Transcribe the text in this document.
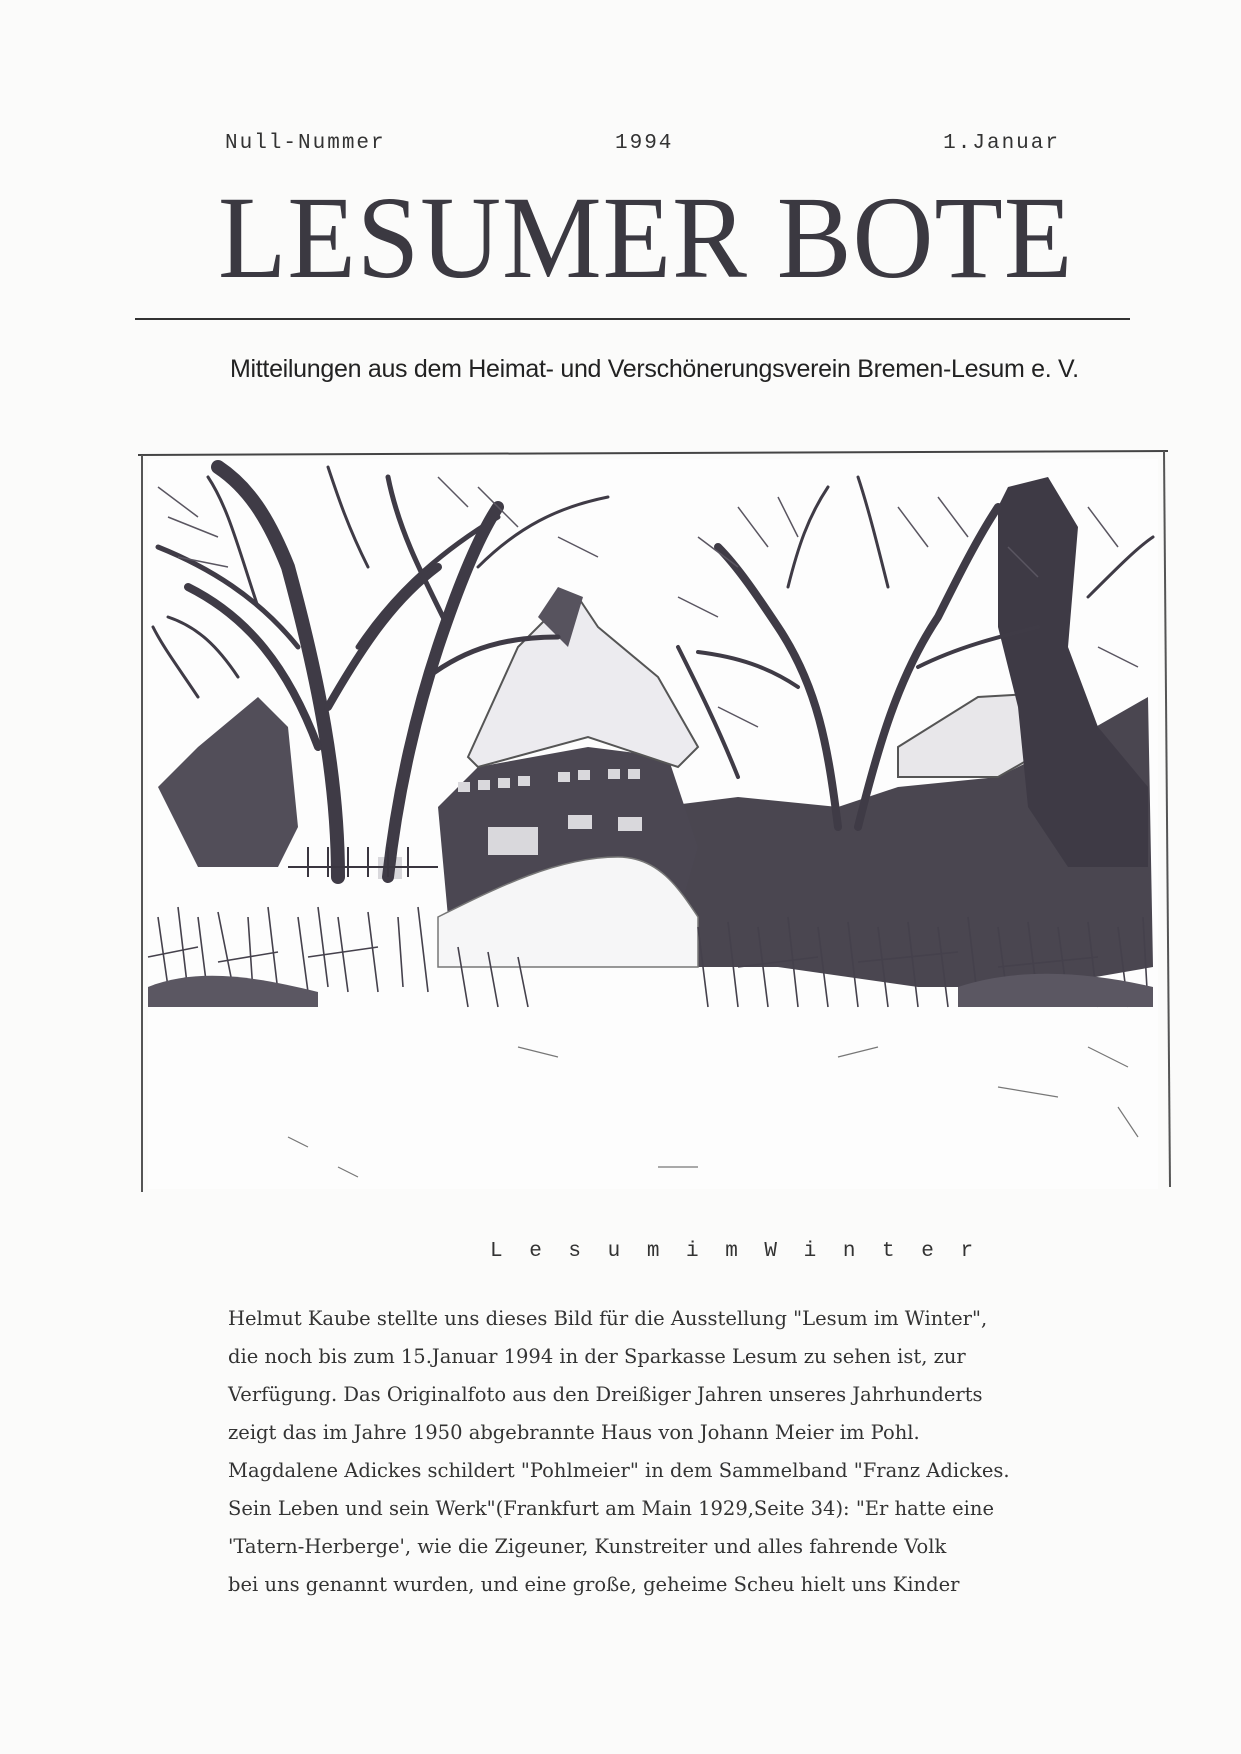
Null-Nummer	1994	1.Januar
LESUMER BOTE
Mitteilungen aus dem Heimat- und Verschönerungsverein Bremen-Lesum e. V.
L e s u m i m W i n t e r
Helmut Kaube stellte uns dieses Bild für die Ausstellung "Lesum im Winter",
die noch bis zum 15.Januar 1994 in der Sparkasse Lesum zu sehen ist, zur
Verfügung. Das Originalfoto aus den Dreißiger Jahren unseres Jahrhunderts
zeigt das im Jahre 1950 abgebrannte Haus von Johann Meier im Pohl.
Magdalene Adickes schildert "Pohlmeier" in dem Sammelband "Franz Adickes.
Sein Leben und sein Werk"(Frankfurt am Main 1929,Seite 34): "Er hatte eine
'Tatern-Herberge', wie die Zigeuner, Kunstreiter und alles fahrende Volk
bei uns genannt wurden, und eine große, geheime Scheu hielt uns Kinder
